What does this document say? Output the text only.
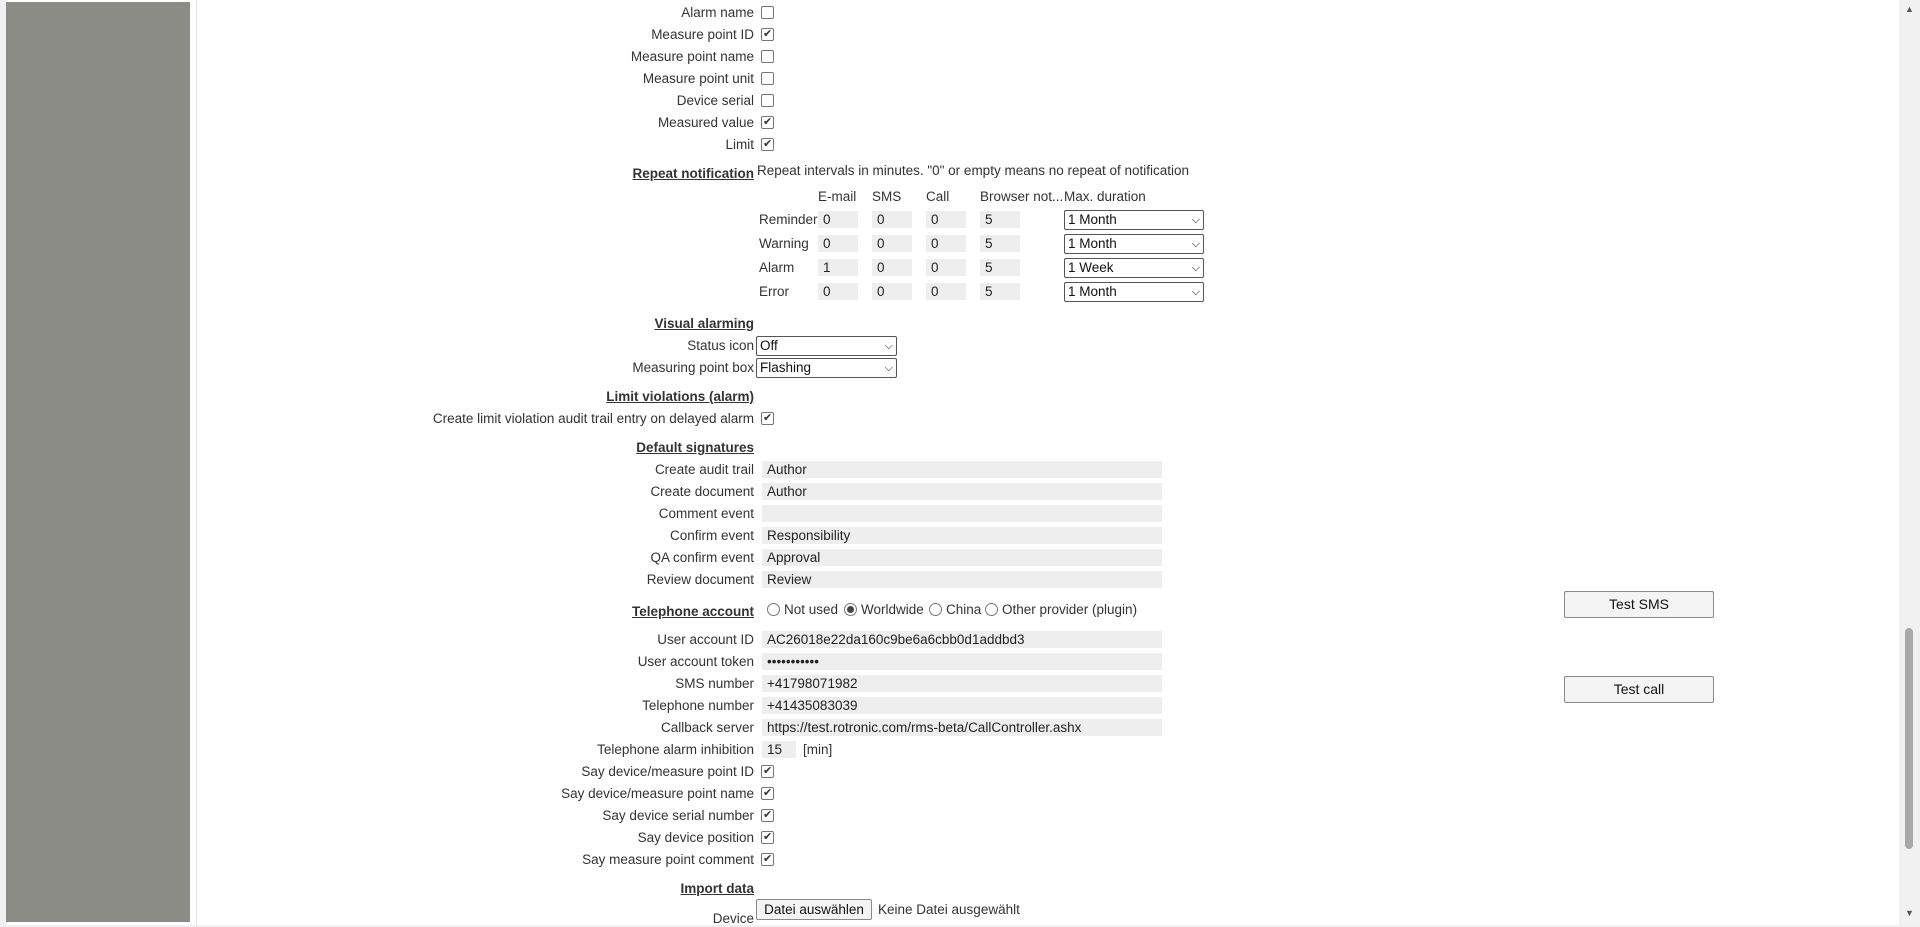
Alarm name
Measure point ID
✔
Measure point name
Measure point unit
Device serial
Measured value
✔
Limit
✔
Repeat notification Repeat intervals in minutes. "0" or empty means no repeat of notification
E-mail SMS Call Browser not... Max. duration
Reminder 0	0	0	5	1 Month	⌵
Warning	0	0	0	5	1 Month	⌵
Alarm	1	0	0	5	1 Week	⌵
Error	0	0	0	5	1 Month	⌵
Visual alarming
Status icon Off	⌵
Measuring point box Flashing	⌵
Limit violations (alarm)
Create limit violation audit trail entry on delayed alarm
✔
Default signatures
Create audit trail Author
Create document Author
Comment event
Confirm event Responsibility
QA confirm event Approval
Review document Review
Telephone account Not used Worldwide China Other provider (plugin)
User account ID AC26018e22da160c9be6a6cbb0d1addbd3
User account token •••••••••••
SMS number +41798071982
Telephone number +41435083039
Callback server https://test.rotronic.com/rms-beta/CallController.ashx
Telephone alarm inhibition 15	[min]
Say device/measure point ID
✔
Say device/measure point name
✔
Say device serial number
✔
Say device position
✔
Say measure point comment
✔
Test SMS
Test call
Import data
Device
Datei auswählen	Keine Datei ausgewählt
▲
▼
